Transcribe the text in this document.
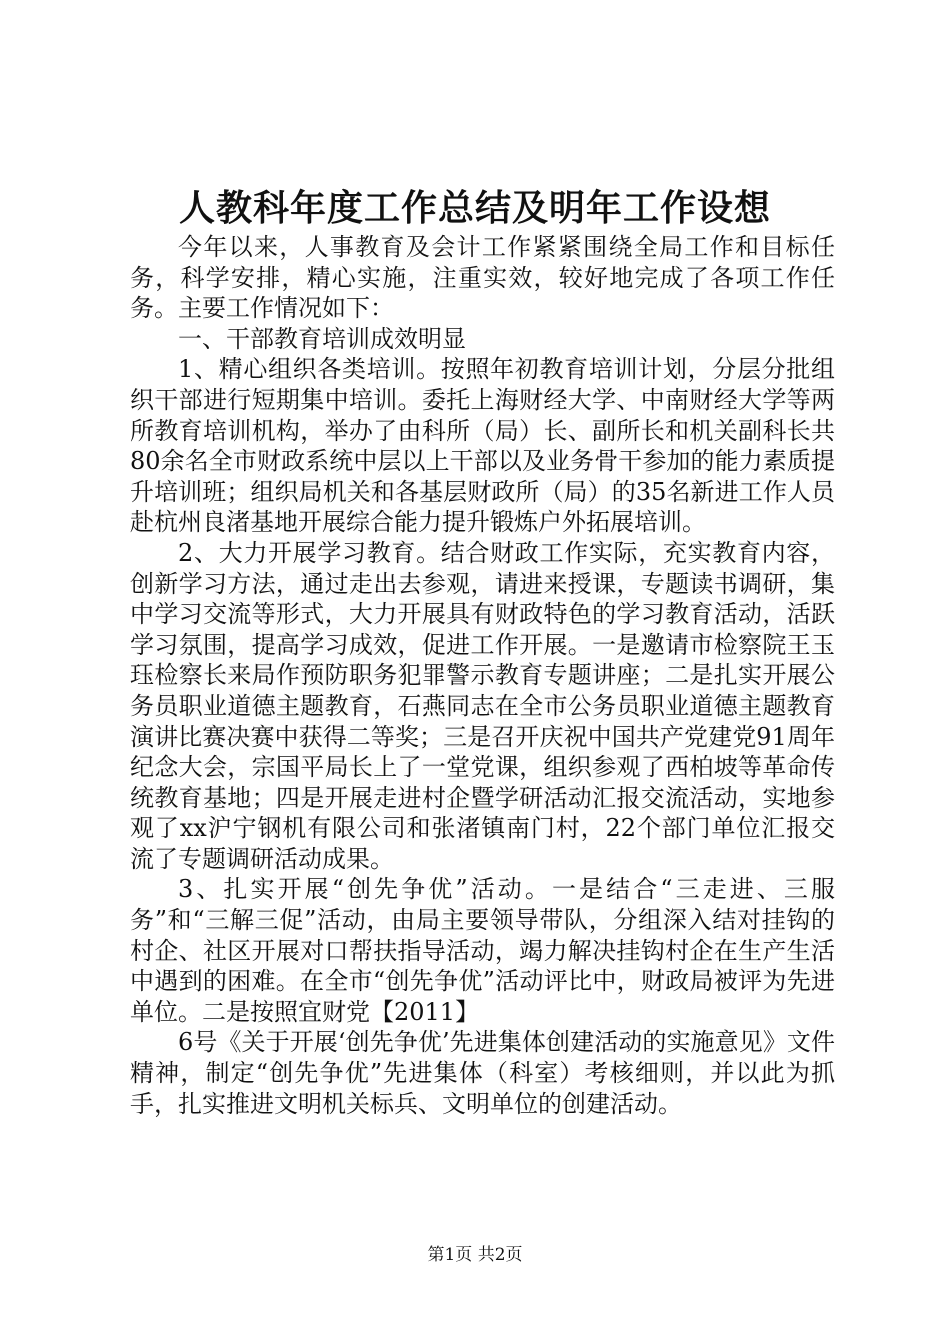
人教科年度工作总结及明年工作设想

今年以来，人事教育及会计工作紧紧围绕全局工作和目标任务，科学安排，精心实施，注重实效，较好地完成了各项工作任务。主要工作情况如下：

一、干部教育培训成效明显

1、精心组织各类培训。按照年初教育培训计划，分层分批组织干部进行短期集中培训。委托上海财经大学、中南财经大学等两所教育培训机构，举办了由科所（局）长、副所长和机关副科长共80余名全市财政系统中层以上干部以及业务骨干参加的能力素质提升培训班；组织局机关和各基层财政所（局）的35名新进工作人员赴杭州良渚基地开展综合能力提升锻炼户外拓展培训。

2、大力开展学习教育。结合财政工作实际，充实教育内容，创新学习方法，通过走出去参观，请进来授课，专题读书调研，集中学习交流等形式，大力开展具有财政特色的学习教育活动，活跃学习氛围，提高学习成效，促进工作开展。一是邀请市检察院王玉珏检察长来局作预防职务犯罪警示教育专题讲座；二是扎实开展公务员职业道德主题教育，石燕同志在全市公务员职业道德主题教育演讲比赛决赛中获得二等奖；三是召开庆祝中国共产党建党91周年纪念大会，宗国平局长上了一堂党课，组织参观了西柏坡等革命传统教育基地；四是开展走进村企暨学研活动汇报交流活动，实地参观了xx沪宁钢机有限公司和张渚镇南门村，22个部门单位汇报交流了专题调研活动成果。

3、扎实开展“创先争优”活动。一是结合“三走进、三服务”和“三解三促”活动，由局主要领导带队，分组深入结对挂钩的村企、社区开展对口帮扶指导活动，竭力解决挂钩村企在生产生活中遇到的困难。在全市“创先争优”活动评比中，财政局被评为先进单位。二是按照宜财党【2011】

6号《关于开展‘创先争优’先进集体创建活动的实施意见》文件精神，制定“创先争优”先进集体（科室）考核细则，并以此为抓手，扎实推进文明机关标兵、文明单位的创建活动。

第1页 共2页
